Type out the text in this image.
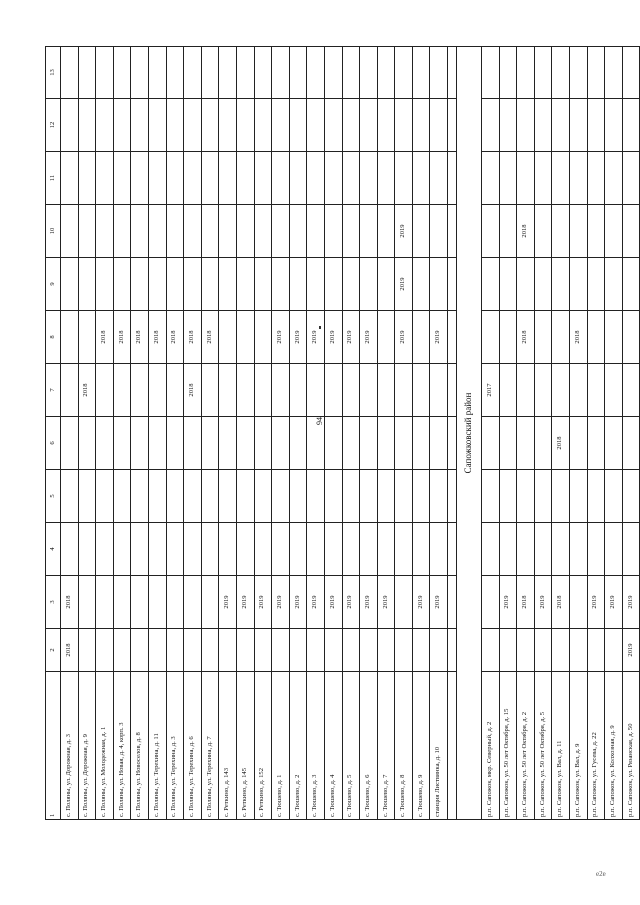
94
1	2	3	4	5	6	7	8	9	10	11	12	13
с. Поляны, ул. Дорожная, д. 3	2018	2018										
с. Поляны, ул. Дорожная, д. 9						2018						
с. Поляны, ул. Молодежная, д. 1							2018					
с. Поляны, ул. Новая, д. 4, корп. 3							2018					
с. Поляны, ул. Новоселов, д. 8							2018					
с. Поляны, ул. Терехина, д. 11							2018					
с. Поляны, ул. Терехина, д. 3							2018					
с. Поляны, ул. Терехина, д. 6						2018	2018					
с. Поляны, ул. Терехина, д. 7							2018					
с. Реткино, д. 143		2019										
с. Реткино, д. 145		2019										
с. Реткино, д. 152		2019										
с. Тюшево, д. 1		2019					2019					
с. Тюшево, д. 2		2019					2019					
с. Тюшево, д. 3		2019					2019					
с. Тюшево, д. 4		2019					2019					
с. Тюшево, д. 5		2019					2019					
с. Тюшево, д. 6		2019					2019					
с. Тюшево, д. 7		2019										
с. Тюшево, д. 8							2019	2019	2019			
с. Тюшево, д. 9		2019										
станция Листвянка, д. 10		2019					2019					

Сапожковский район												
р.п. Сапожок, мкр. Северный, д. 2						2017						
р.п. Сапожок, ул. 50 лет Октября, д. 15		2019										
р.п. Сапожок, ул. 50 лет Октября, д. 2		2018					2018		2018			
р.п. Сапожок, ул. 50 лет Октября, д. 5		2019										
р.п. Сапожок, ул. Вал, д. 11		2018			2018							
р.п. Сапожок, ул. Вал, д. 9							2018					
р.п. Сапожок, ул. Гусева, д. 22		2019										
р.п. Сапожок, ул. Колхозная, д. 9		2019										
р.п. Сапожок, ул. Рязанская, д. 50	2019	2019										
e2e
